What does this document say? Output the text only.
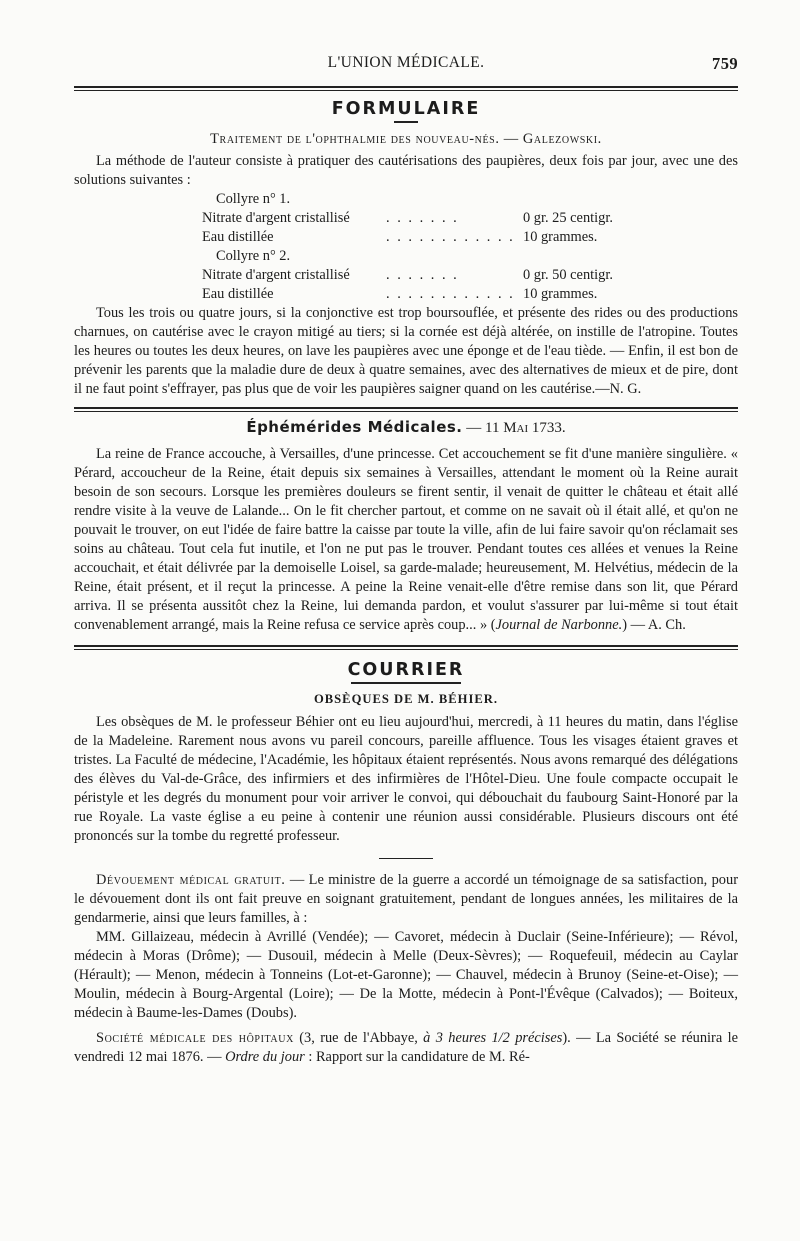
L'UNION MÉDICALE.	759
FORMULAIRE
Traitement de l'ophthalmie des nouveau-nés. — Galezowski.

La méthode de l'auteur consiste à pratiquer des cautérisations des paupières, deux fois par jour, avec une des solutions suivantes :

Collyre n° 1.
Nitrate d'argent cristallisé	. . . . . . .	0 gr. 25 centigr.
Eau distillée	. . . . . . . . . . . . 10 grammes.
Collyre n° 2.
Nitrate d'argent cristallisé	. . . . . . .	0 gr. 50 centigr.
Eau distillée	. . . . . . . . . . . . 10 grammes.

Tous les trois ou quatre jours, si la conjonctive est trop boursouflée, et présente des rides ou des productions charnues, on cautérise avec le crayon mitigé au tiers; si la cornée est déjà altérée, on instille de l'atropine. Toutes les heures ou toutes les deux heures, on lave les paupières avec une éponge et de l'eau tiède. — Enfin, il est bon de prévenir les parents que la maladie dure de deux à quatre semaines, avec des alternatives de mieux et de pire, dont il ne faut point s'effrayer, pas plus que de voir les paupières saigner quand on les cautérise.—N. G.

Éphémérides Médicales. — 11 Mai 1733.

La reine de France accouche, à Versailles, d'une princesse. Cet accouchement se fit d'une manière singulière. « Pérard, accoucheur de la Reine, était depuis six semaines à Versailles, attendant le moment où la Reine aurait besoin de son secours. Lorsque les premières douleurs se firent sentir, il venait de quitter le château et était allé rendre visite à la veuve de Lalande... On le fit chercher partout, et comme on ne savait où il était allé, et qu'on ne pouvait le trouver, on eut l'idée de faire battre la caisse par toute la ville, afin de lui faire savoir qu'on réclamait ses soins au château. Tout cela fut inutile, et l'on ne put pas le trouver. Pendant toutes ces allées et venues la Reine accouchait, et était délivrée par la demoiselle Loisel, sa garde-malade; heureusement, M. Helvétius, médecin de la Reine, était présent, et il reçut la princesse. A peine la Reine venait-elle d'être remise dans son lit, que Pérard arriva. Il se présenta aussitôt chez la Reine, lui demanda pardon, et voulut s'assurer par lui-même si tout était convenablement arrangé, mais la Reine refusa ce service après coup... » (Journal de Narbonne.) — A. Ch.

COURRIER
OBSÈQUES DE M. BÉHIER.

Les obsèques de M. le professeur Béhier ont eu lieu aujourd'hui, mercredi, à 11 heures du matin, dans l'église de la Madeleine. Rarement nous avons vu pareil concours, pareille affluence. Tous les visages étaient graves et tristes. La Faculté de médecine, l'Académie, les hôpitaux étaient représentés. Nous avons remarqué des délégations des élèves du Val-de-Grâce, des infirmiers et des infirmières de l'Hôtel-Dieu. Une foule compacte occupait le péristyle et les degrés du monument pour voir arriver le convoi, qui débouchait du faubourg Saint-Honoré par la rue Royale. La vaste église a eu peine à contenir une réunion aussi considérable. Plusieurs discours ont été prononcés sur la tombe du regretté professeur.

Dévouement médical gratuit. — Le ministre de la guerre a accordé un témoignage de sa satisfaction, pour le dévouement dont ils ont fait preuve en soignant gratuitement, pendant de longues années, les militaires de la gendarmerie, ainsi que leurs familles, à :

MM. Gillaizeau, médecin à Avrillé (Vendée); — Cavoret, médecin à Duclair (Seine-Inférieure); — Révol, médecin à Moras (Drôme); — Dusouil, médecin à Melle (Deux-Sèvres); — Roquefeuil, médecin au Caylar (Hérault); — Menon, médecin à Tonneins (Lot-et-Garonne); — Chauvel, médecin à Brunoy (Seine-et-Oise); — Moulin, médecin à Bourg-Argental (Loire); — De la Motte, médecin à Pont-l'Évêque (Calvados); — Boiteux, médecin à Baume-les-Dames (Doubs).

Société médicale des hôpitaux (3, rue de l'Abbaye, à 3 heures 1/2 précises). — La Société se réunira le vendredi 12 mai 1876. — Ordre du jour : Rapport sur la candidature de M. Ré-
